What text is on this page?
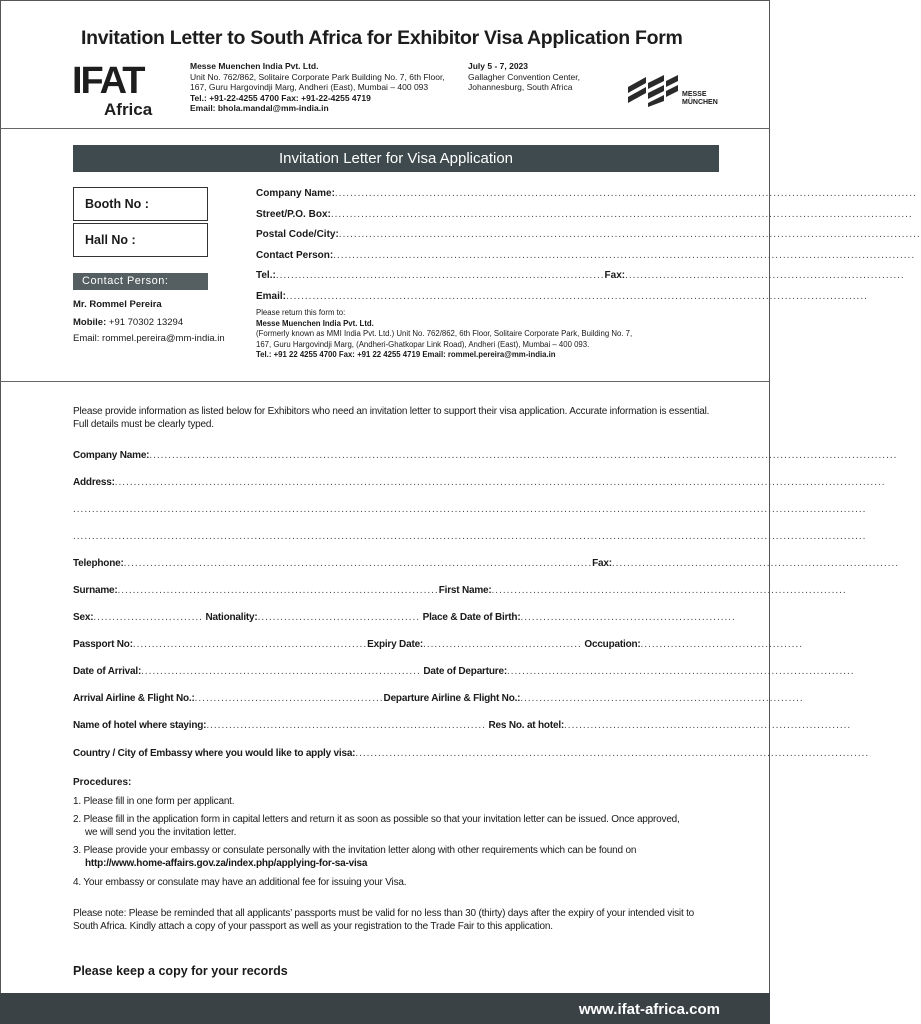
Invitation Letter to South Africa for Exhibitor Visa Application Form
IFAT
Africa
Messe Muenchen India Pvt. Ltd.
Unit No. 762/862, Solitaire Corporate Park Building No. 7, 6th Floor,
167, Guru Hargovindji Marg, Andheri (East), Mumbai – 400 093
Tel.: +91-22-4255 4700 Fax: +91-22-4255 4719
Email: bhola.mandal@mm-india.in
July 5 - 7, 2023
Gallagher Convention Center,
Johannesburg, South Africa
MESSE
MÜNCHEN
Invitation Letter for Visa Application
Booth No :
Hall No :
Contact Person:
Mr. Rommel Pereira
Mobile: +91 70302 13294
Email: rommel.pereira@mm-india.in
Company Name:..........................................................................................................................................................
Street/P.O. Box:..........................................................................................................................................................
Postal Code/City:..........................................................................................................................................................
Contact Person:..........................................................................................................................................................
Tel.:.......................................................................................Fax:..........................................................................
Email:..........................................................................................................................................................
Please return this form to:
Messe Muenchen India Pvt. Ltd.
(Formerly known as MMI India Pvt. Ltd.) Unit No. 762/862, 6th Floor, Solitaire Corporate Park, Building No. 7,
167, Guru Hargovindji Marg, (Andheri-Ghatkopar Link Road), Andheri (East), Mumbai – 400 093.
Tel.: +91 22 4255 4700 Fax: +91 22 4255 4719 Email: rommel.pereira@mm-india.in
Please provide information as listed below for Exhibitors who need an invitation letter to support their visa application. Accurate information is essential. Full details must be clearly typed.
Company Name:......................................................................................................................................................................................................
Address:............................................................................................................................................................................................................
..................................................................................................................................................................................................................
..................................................................................................................................................................................................................
Telephone:............................................................................................................................Fax:............................................................................
Surname:.....................................................................................First Name:..............................................................................................
Sex:............................. Nationality:........................................... Place & Date of Birth:.........................................................
Passport No:..............................................................Expiry Date:.......................................... Occupation:...........................................
Date of Arrival:.......................................................................... Date of Departure:............................................................................................
Arrival Airline & Flight No.:..................................................Departure Airline & Flight No.:...........................................................................
Name of hotel where staying:.......................................................................... Res No. at hotel:............................................................................
Country / City of Embassy where you would like to apply visa:........................................................................................................................................
Procedures:
1. Please fill in one form per applicant.
2. Please fill in the application form in capital letters and return it as soon as possible so that your invitation letter can be issued. Once approved,
we will send you the invitation letter.
3. Please provide your embassy or consulate personally with the invitation letter along with other requirements which can be found on
http://www.home-affairs.gov.za/index.php/applying-for-sa-visa
4. Your embassy or consulate may have an additional fee for issuing your Visa.
Please note: Please be reminded that all applicants’ passports must be valid for no less than 30 (thirty) days after the expiry of your intended visit to South Africa. Kindly attach a copy of your passport as well as your registration to the Trade Fair to this application.
Please keep a copy for your records
www.ifat-africa.com
